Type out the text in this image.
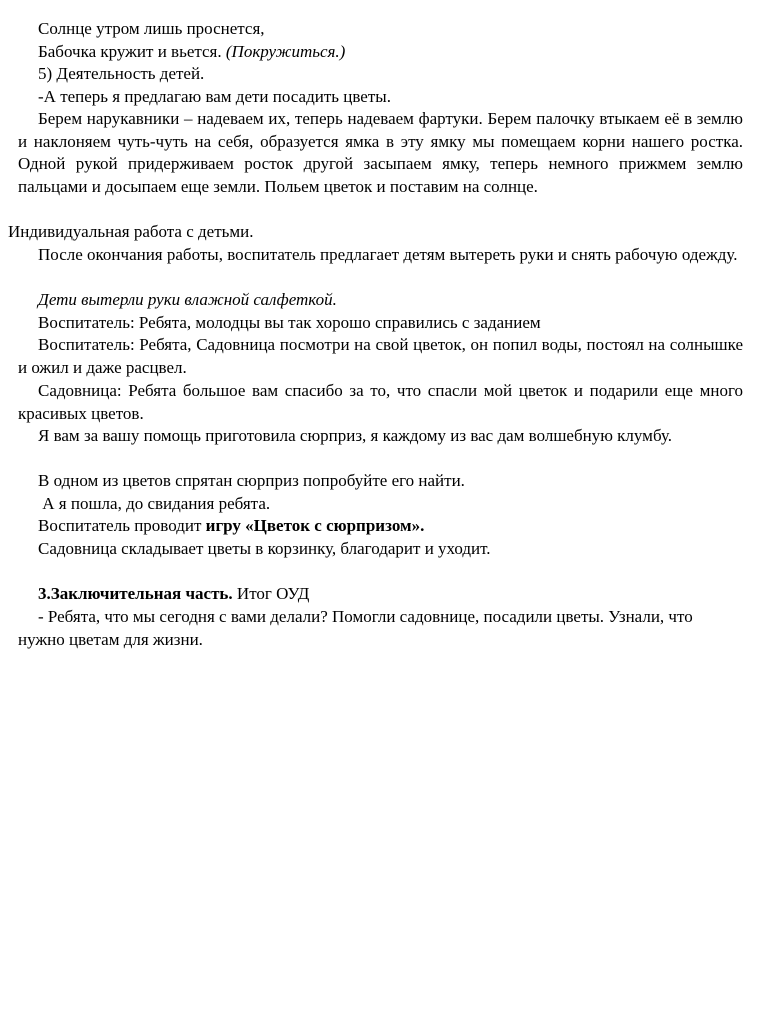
Солнце утром лишь проснется,

Бабочка кружит и вьется. (Покружиться.)

5) Деятельность детей.

-А теперь я предлагаю вам дети посадить цветы.

Берем нарукавники – надеваем их, теперь надеваем фартуки. Берем палочку втыкаем её в землю и наклоняем чуть-чуть на себя, образуется ямка в эту ямку мы помещаем корни нашего ростка. Одной рукой придерживаем росток другой засыпаем ямку, теперь немного прижмем землю пальцами и досыпаем еще земли. Польем цветок и поставим на солнце.

Индивидуальная работа с детьми.

После окончания работы, воспитатель предлагает детям вытереть руки и снять рабочую одежду.

Дети вытерли руки влажной салфеткой.

Воспитатель: Ребята, молодцы вы так хорошо справились с заданием

Воспитатель: Ребята, Садовница посмотри на свой цветок, он попил воды, постоял на солнышке и ожил и даже расцвел.

Садовница: Ребята большое вам спасибо за то, что спасли мой цветок и подарили еще много красивых цветов.

Я вам за вашу помощь приготовила сюрприз, я каждому из вас дам волшебную клумбу.

В одном из цветов спрятан сюрприз попробуйте его найти.

А я пошла, до свидания ребята.

Воспитатель проводит игру «Цветок с сюрпризом».

Садовница складывает цветы в корзинку, благодарит и уходит.

3.Заключительная часть. Итог ОУД

- Ребята, что мы сегодня с вами делали? Помогли садовнице, посадили цветы. Узнали, что нужно цветам для жизни.
